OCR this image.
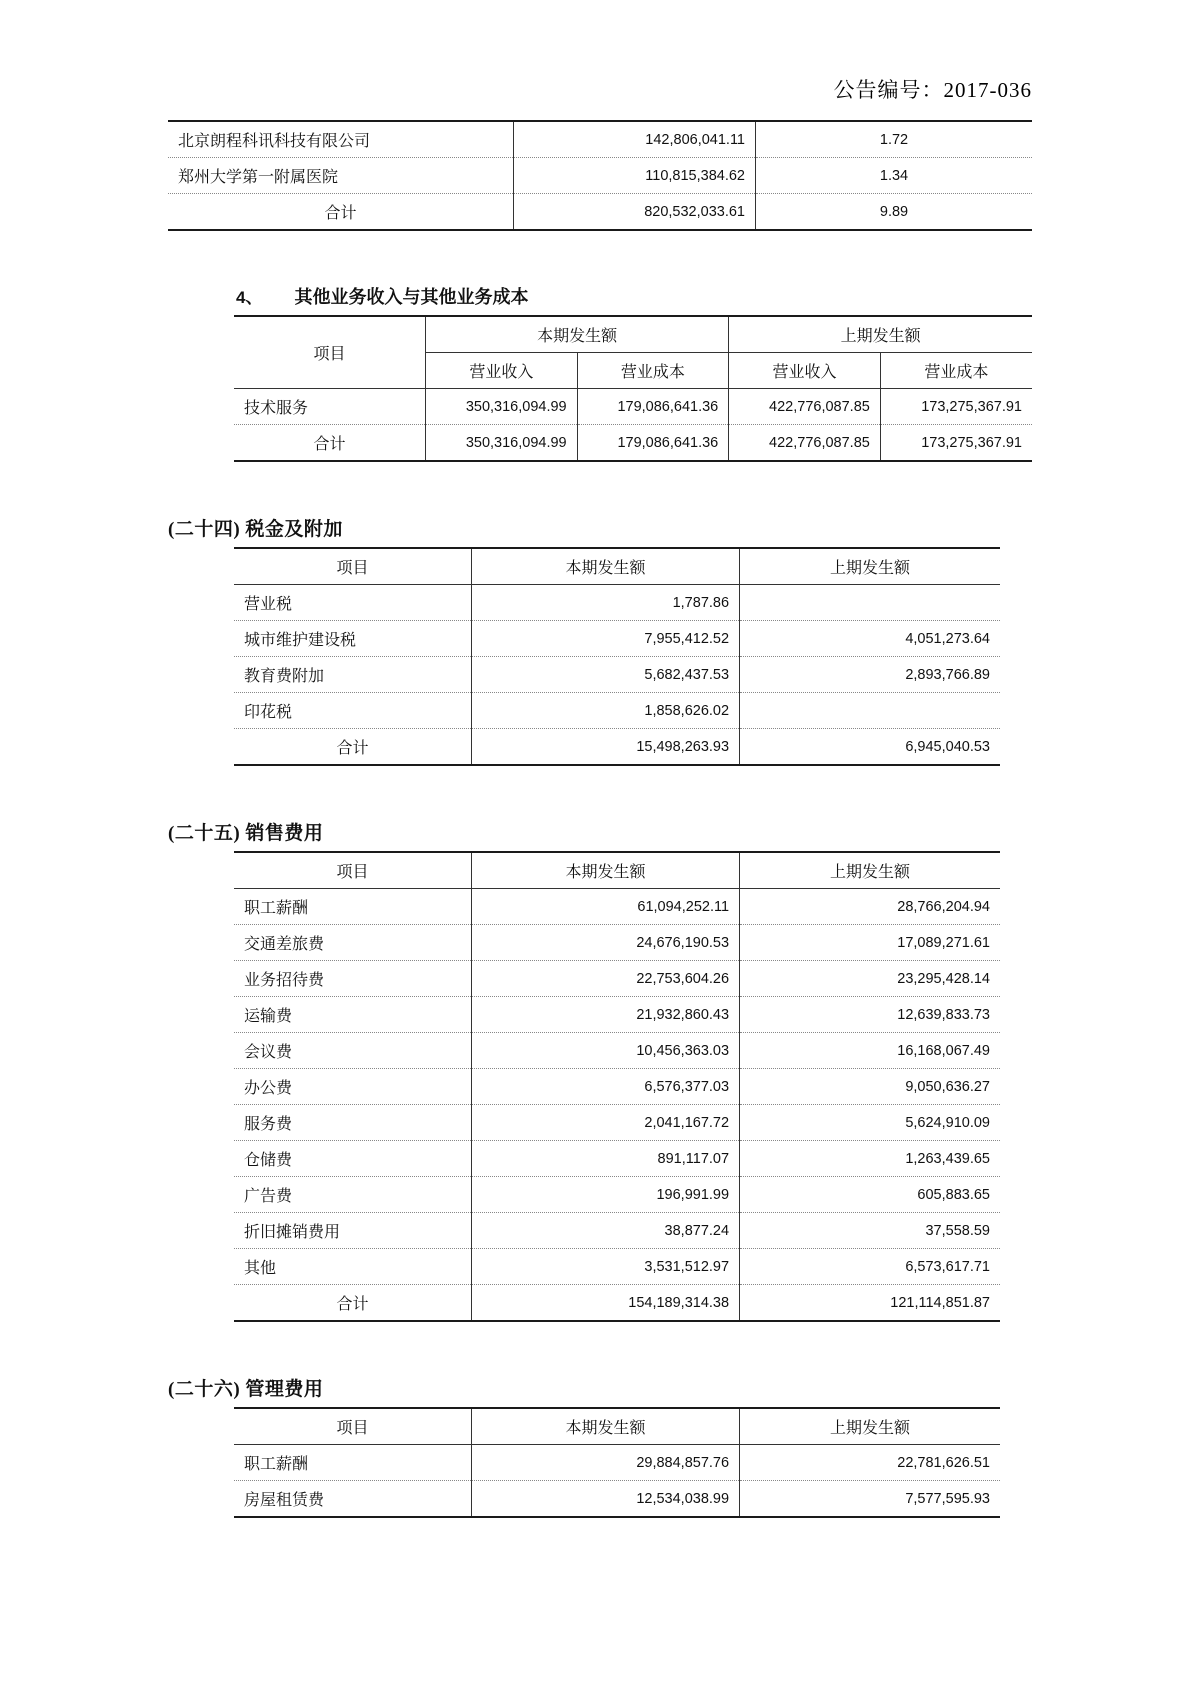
公告编号：2017-036
北京朗程科讯科技有限公司	142,806,041.11	1.72
郑州大学第一附属医院	110,815,384.62	1.34
合计	820,532,033.61	9.89
4、 其他业务收入与其他业务成本
项目	本期发生额		上期发生额	
	营业收入	营业成本	营业收入	营业成本
技术服务	350,316,094.99	179,086,641.36	422,776,087.85	173,275,367.91
合计	350,316,094.99	179,086,641.36	422,776,087.85	173,275,367.91
(二十四) 税金及附加
项目	本期发生额	上期发生额
营业税	1,787.86	
城市维护建设税	7,955,412.52	4,051,273.64
教育费附加	5,682,437.53	2,893,766.89
印花税	1,858,626.02	
合计	15,498,263.93	6,945,040.53
(二十五) 销售费用
项目	本期发生额	上期发生额
职工薪酬	61,094,252.11	28,766,204.94
交通差旅费	24,676,190.53	17,089,271.61
业务招待费	22,753,604.26	23,295,428.14
运输费	21,932,860.43	12,639,833.73
会议费	10,456,363.03	16,168,067.49
办公费	6,576,377.03	9,050,636.27
服务费	2,041,167.72	5,624,910.09
仓储费	891,117.07	1,263,439.65
广告费	196,991.99	605,883.65
折旧摊销费用	38,877.24	37,558.59
其他	3,531,512.97	6,573,617.71
合计	154,189,314.38	121,114,851.87
(二十六) 管理费用
项目	本期发生额	上期发生额
职工薪酬	29,884,857.76	22,781,626.51
房屋租赁费	12,534,038.99	7,577,595.93
